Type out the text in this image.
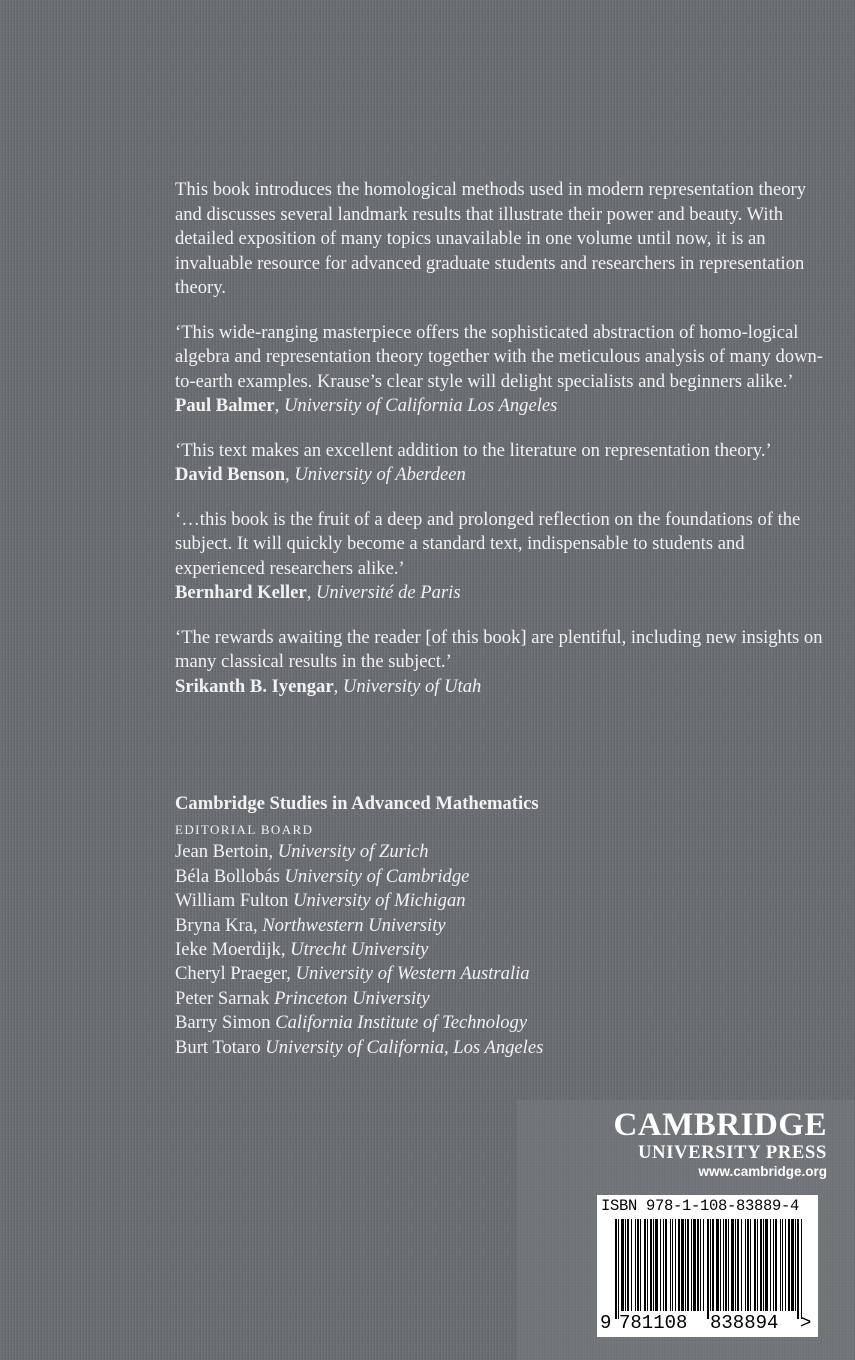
This book introduces the homological methods used in modern representation theory and discusses several landmark results that illustrate their power and beauty. With detailed exposition of many topics unavailable in one volume until now, it is an invaluable resource for advanced graduate students and researchers in representation theory.

‘This wide-ranging masterpiece offers the sophisticated abstraction of homo-logical algebra and representation theory together with the meticulous analysis of many down-to-earth examples. Krause’s clear style will delight specialists and beginners alike.’
Paul Balmer, University of California Los Angeles

‘This text makes an excellent addition to the literature on representation theory.’
David Benson, University of Aberdeen

‘…this book is the fruit of a deep and prolonged reflection on the foundations of the subject. It will quickly become a standard text, indispensable to students and experienced researchers alike.’
Bernhard Keller, Université de Paris

‘The rewards awaiting the reader [of this book] are plentiful, including new insights on many classical results in the subject.’
Srikanth B. Iyengar, University of Utah

Cambridge Studies in Advanced Mathematics
EDITORIAL BOARD
Jean Bertoin, University of Zurich
Béla Bollobás University of Cambridge
William Fulton University of Michigan
Bryna Kra, Northwestern University
Ieke Moerdijk, Utrecht University
Cheryl Praeger, University of Western Australia
Peter Sarnak Princeton University
Barry Simon California Institute of Technology
Burt Totaro University of California, Los Angeles
CAMBRIDGE
UNIVERSITY PRESS
www.cambridge.org
ISBN 978-1-108-83889-4
9 781108 838894 >
